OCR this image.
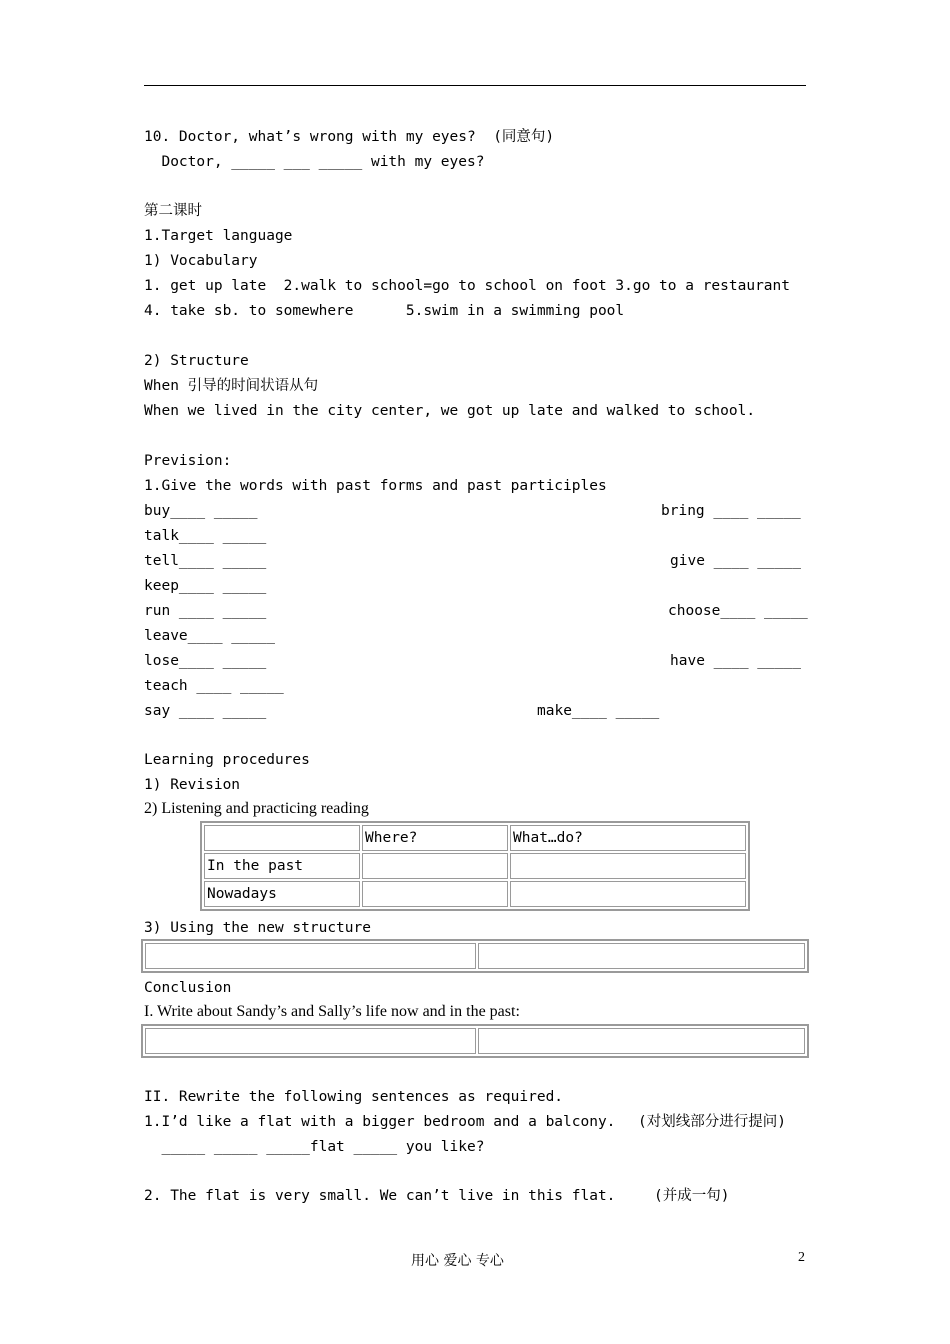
10. Doctor, what’s wrong with my eyes?  (同意句)
Doctor, _____ ___ _____ with my eyes?
第二课时
1.Target language
1) Vocabulary
1. get up late  2.walk to school=go to school on foot 3.go to a restaurant
4. take sb. to somewhere      5.swim in a swimming pool
2) Structure
When 引导的时间状语从句
When we lived in the city center, we got up late and walked to school.
Prevision:
1.Give the words with past forms and past participles
buy____ _____	bring ____ _____
talk____ _____
tell____ _____	give ____ _____
keep____ _____
run ____ _____	choose____ _____
leave____ _____
lose____ _____	have ____ _____
teach ____ _____
say ____ _____	make____ _____
Learning procedures
1) Revision
2) Listening and practicing reading
	Where?	What…do?
In the past		
Nowadays		
3) Using the new structure

Conclusion
I. Write about Sandy’s and Sally’s life now and in the past:

II. Rewrite the following sentences as required.
1.I’d like a flat with a bigger bedroom and a balcony. (对划线部分进行提问)
_____ _____ _____flat _____ you like?
2. The flat is very small. We can’t live in this flat.	(并成一句)
用心 爱心 专心	2
